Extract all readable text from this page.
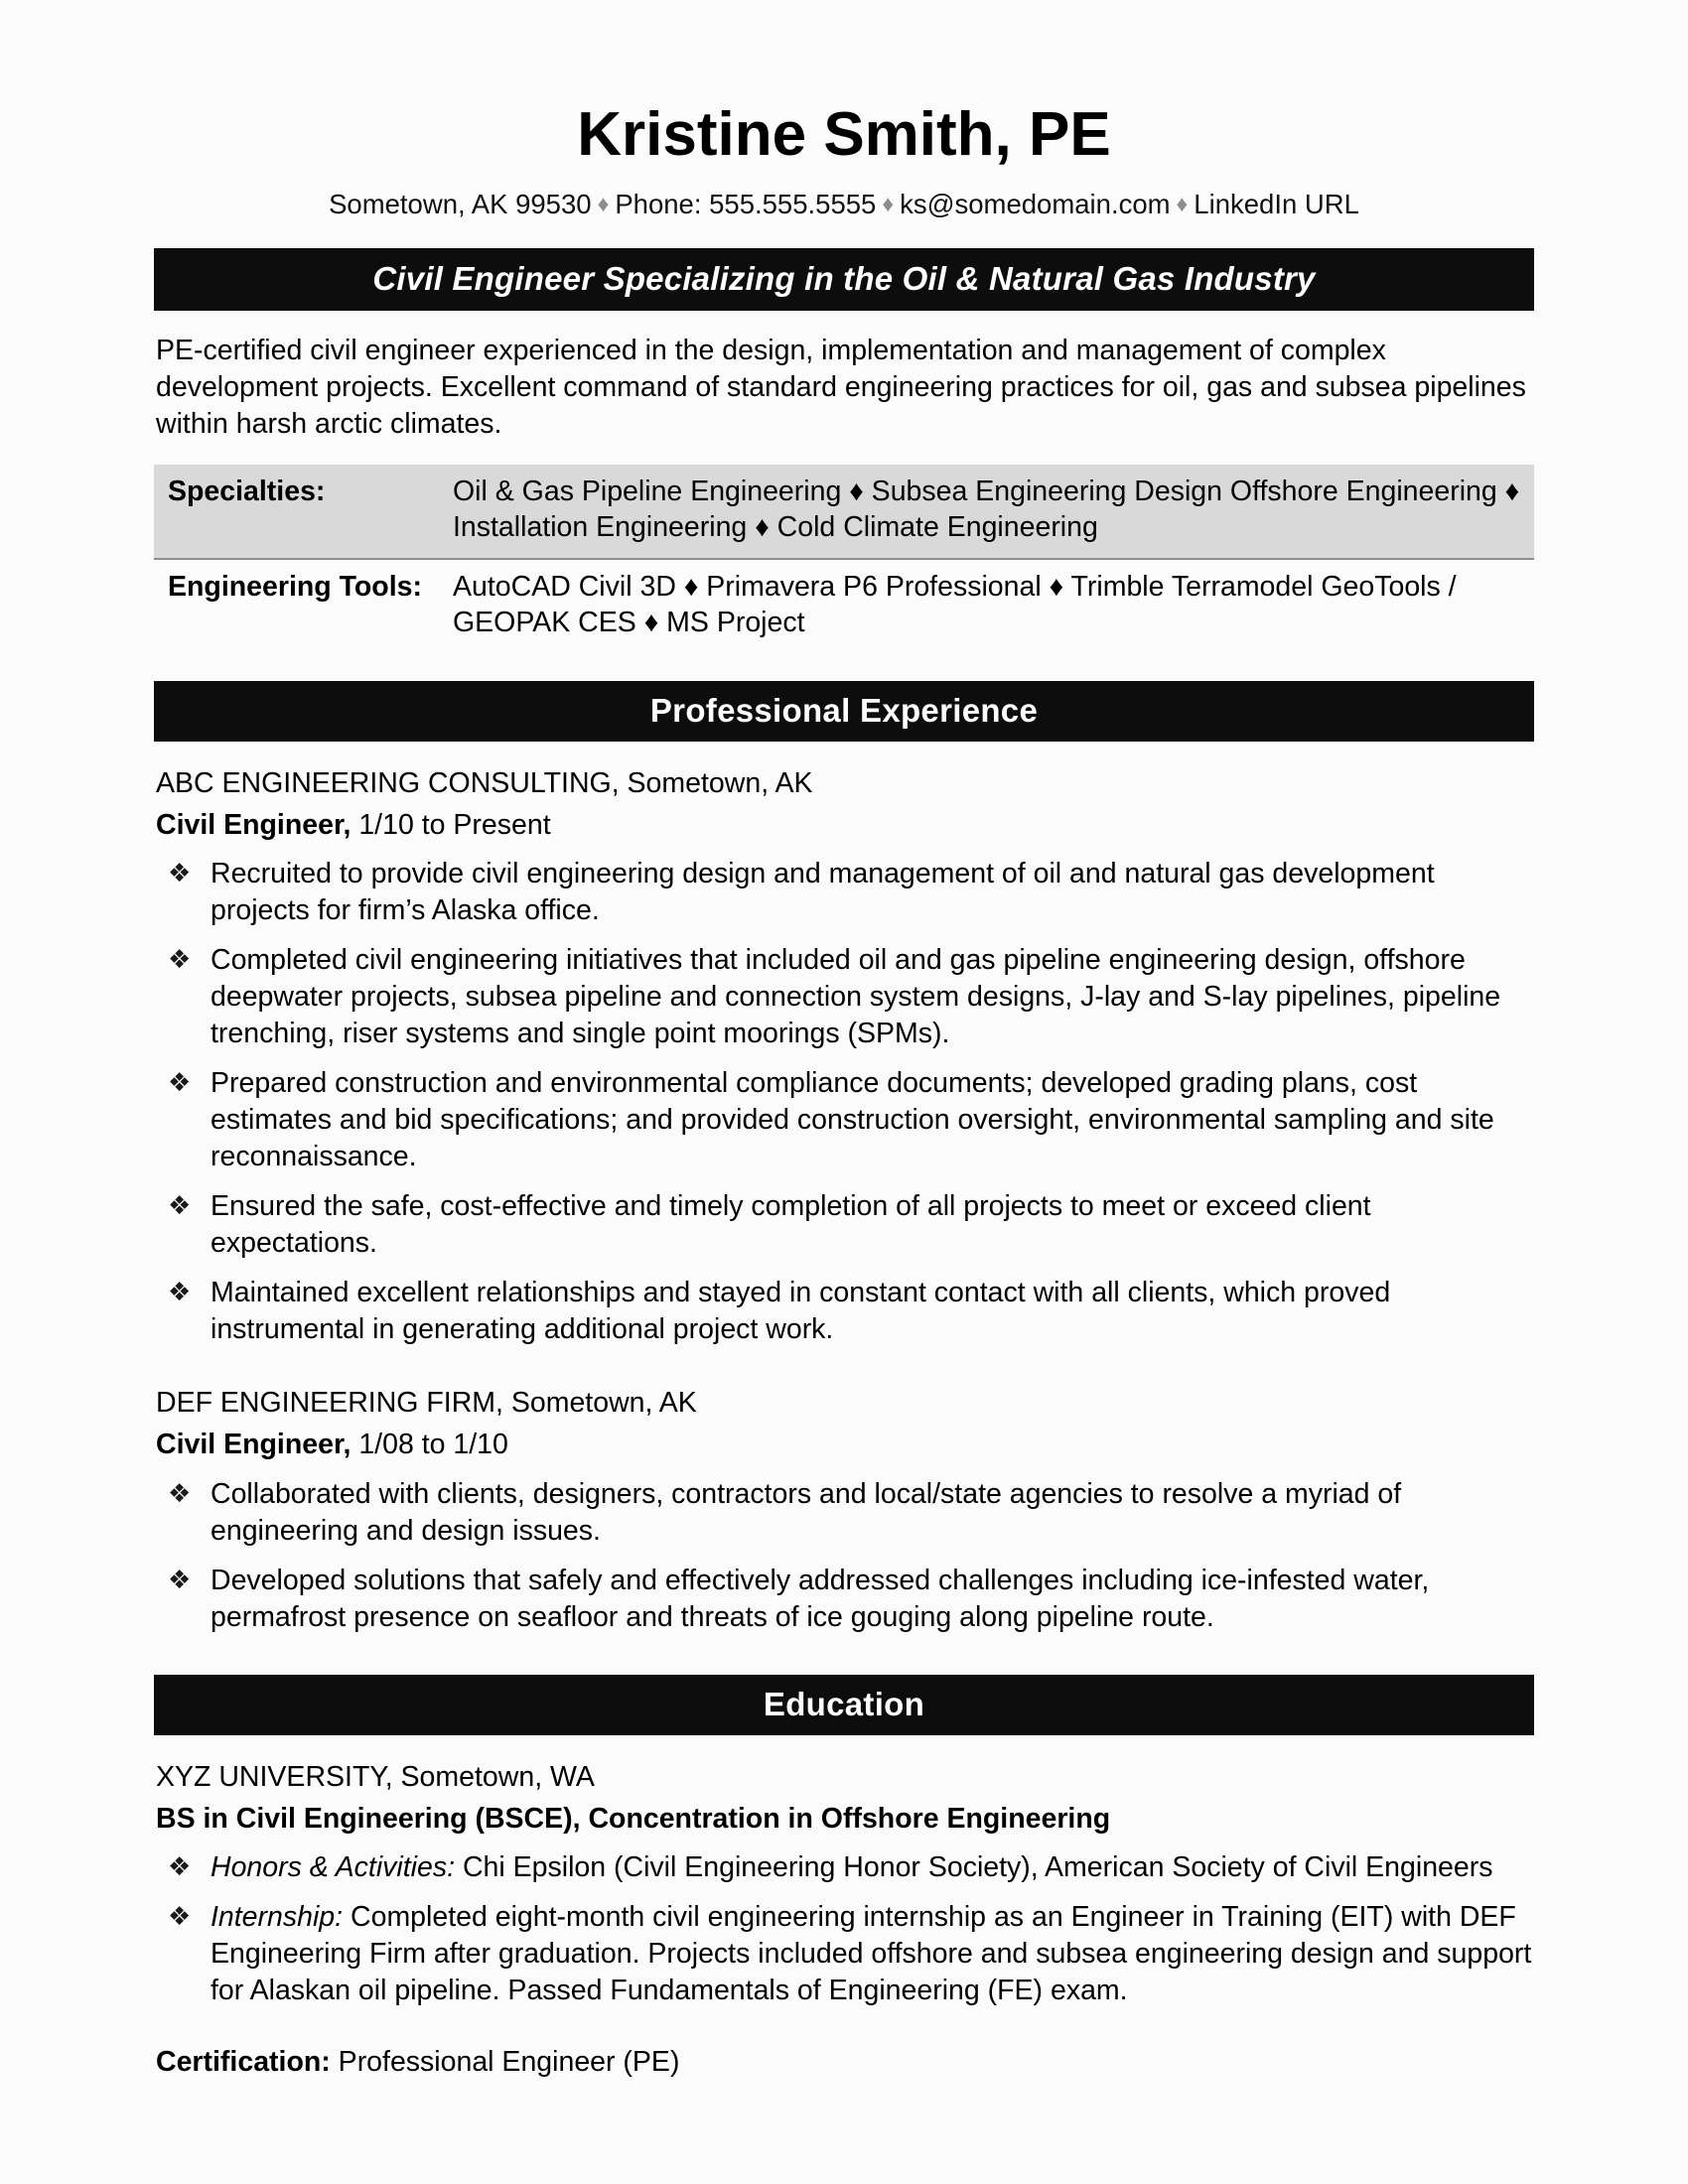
Kristine Smith, PE
Sometown, AK 99530 ♦ Phone: 555.555.5555 ♦ ks@somedomain.com ♦ LinkedIn URL
Civil Engineer Specializing in the Oil & Natural Gas Industry

PE-certified civil engineer experienced in the design, implementation and management of complex development projects. Excellent command of standard engineering practices for oil, gas and subsea pipelines within harsh arctic climates.

Specialties:	Oil & Gas Pipeline Engineering ♦ Subsea Engineering Design Offshore Engineering ♦ Installation Engineering ♦ Cold Climate Engineering
Engineering Tools:	AutoCAD Civil 3D ♦ Primavera P6 Professional ♦ Trimble Terramodel GeoTools / GEOPAK CES ♦ MS Project
Professional Experience
ABC ENGINEERING CONSULTING, Sometown, AK
Civil Engineer, 1/10 to Present
❖ Recruited to provide civil engineering design and management of oil and natural gas development projects for firm’s Alaska office.
❖ Completed civil engineering initiatives that included oil and gas pipeline engineering design, offshore deepwater projects, subsea pipeline and connection system designs, J-lay and S-lay pipelines, pipeline trenching, riser systems and single point moorings (SPMs).
❖ Prepared construction and environmental compliance documents; developed grading plans, cost estimates and bid specifications; and provided construction oversight, environmental sampling and site reconnaissance.
❖ Ensured the safe, cost-effective and timely completion of all projects to meet or exceed client expectations.
❖ Maintained excellent relationships and stayed in constant contact with all clients, which proved instrumental in generating additional project work.
DEF ENGINEERING FIRM, Sometown, AK
Civil Engineer, 1/08 to 1/10
❖ Collaborated with clients, designers, contractors and local/state agencies to resolve a myriad of engineering and design issues.
❖ Developed solutions that safely and effectively addressed challenges including ice-infested water, permafrost presence on seafloor and threats of ice gouging along pipeline route.
Education
XYZ UNIVERSITY, Sometown, WA
BS in Civil Engineering (BSCE), Concentration in Offshore Engineering
❖ Honors & Activities: Chi Epsilon (Civil Engineering Honor Society), American Society of Civil Engineers
❖ Internship: Completed eight-month civil engineering internship as an Engineer in Training (EIT) with DEF Engineering Firm after graduation. Projects included offshore and subsea engineering design and support for Alaskan oil pipeline. Passed Fundamentals of Engineering (FE) exam.
Certification: Professional Engineer (PE)
